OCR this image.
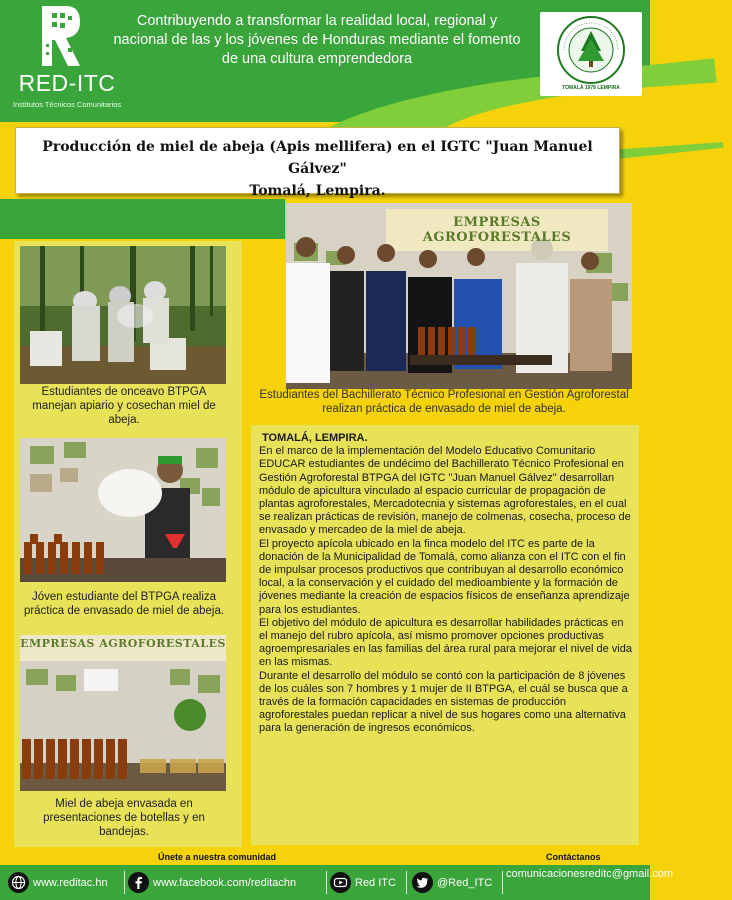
RED-ITC
Institutos Técnicos Comunitarios
Contribuyendo a transformar la realidad local, regional y nacional de las y los jóvenes de Honduras mediante el fomento de una cultura emprendedora
TOMALÁ 1978 LEMPIRA
Producción de miel de abeja (Apis mellifera) en el IGTC "Juan Manuel Gálvez"
Tomalá, Lempira.
Estudiantes de onceavo BTPGA manejan apiario y cosechan miel de abeja.
Jóven estudiante del BTPGA realiza práctica de envasado de miel de abeja.
EMPRESAS AGROFORESTALES
Miel de abeja envasada en presentaciones de botellas y en bandejas.
EMPRESAS AGROFORESTALES
Estudiantes del Bachillerato Técnico Profesional en Gestión Agroforestal realizan práctica de envasado de miel de abeja.
TOMALÁ, LEMPIRA.

En el marco de la implementación del Modelo Educativo Comunitario EDUCAR estudiantes de undécimo del Bachillerato Técnico Profesional en Gestión Agroforestal BTPGA del IGTC "Juan Manuel Gálvez" desarrollan módulo de apicultura vinculado al espacio curricular de propagación de plantas agroforestales, Mercadotecnia y sistemas agroforestales, en el cual se realizan prácticas de revisión, manejo de colmenas, cosecha, proceso de envasado y mercadeo de la miel de abeja.

El proyecto apícola ubicado en la finca modelo del ITC es parte de la donación de la Municipalidad de Tomalá, como alianza con el ITC con el fin de impulsar procesos productivos que contribuyan al desarrollo económico local, a la conservación y el cuidado del medioambiente y la formación de jóvenes mediante la creación de espacios físicos de enseñanza aprendizaje para los estudiantes.

El objetivo del módulo de apicultura es desarrollar habilidades prácticas en el manejo del rubro apícola, así mismo promover opciones productivas agroempresariales en las familias del área rural para mejorar el nivel de vida en las mismas.

Durante el desarrollo del módulo se contó con la participación de 8 jóvenes de los cuáles son 7 hombres y 1 mujer de II BTPGA, el cuál se busca que a través de la formación capacidades en sistemas de producción agroforestales puedan replicar a nivel de sus hogares como una alternativa para la generación de ingresos económicos.

Únete a nuestra comunidad	Contáctanos
www.reditac.hn	www.facebook.com/reditachn	Red ITC	@Red_ITC
comunicacionesreditc@gmail.com
